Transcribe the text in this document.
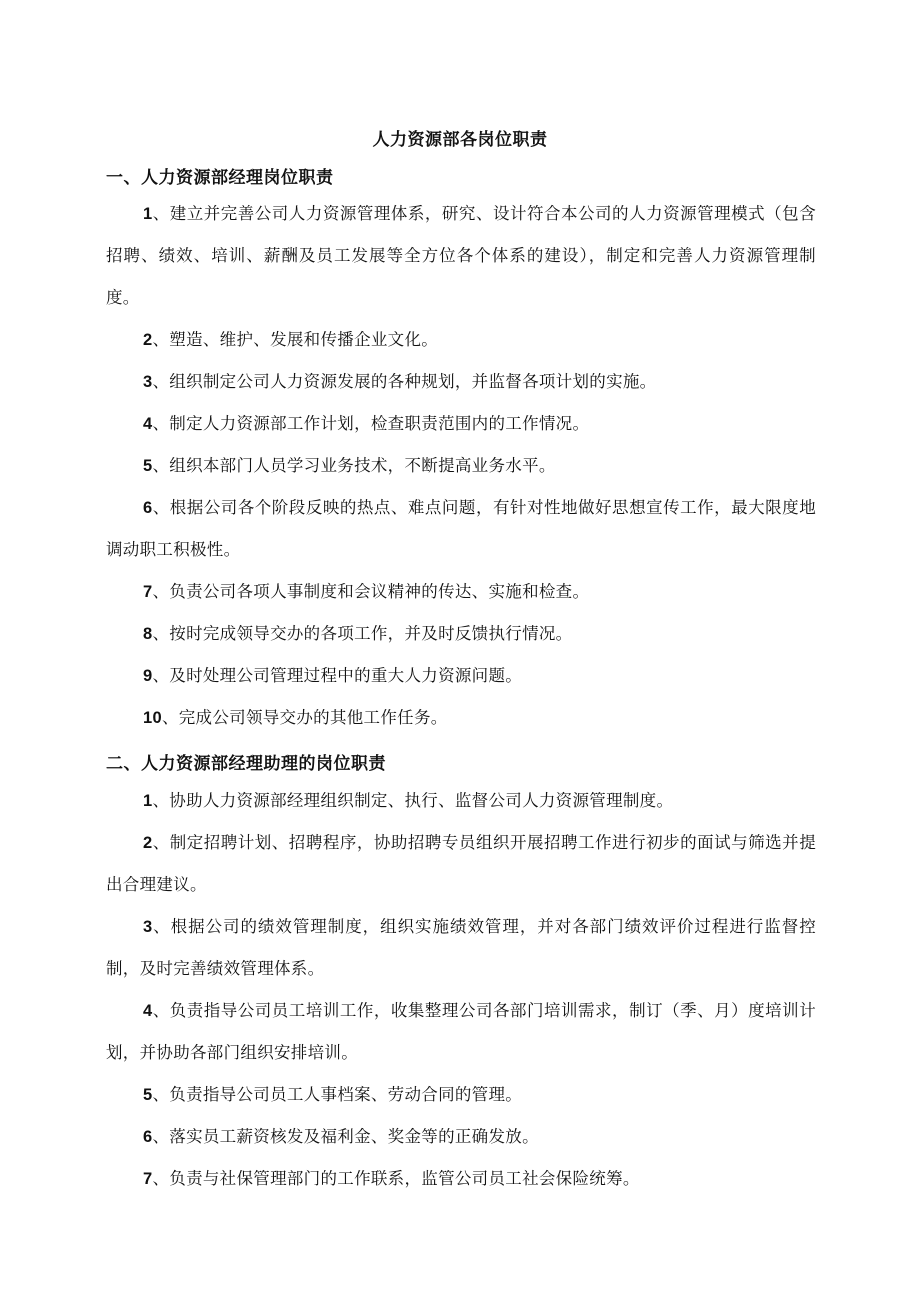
人力资源部各岗位职责
一、人力资源部经理岗位职责

1、建立并完善公司人力资源管理体系，研究、设计符合本公司的人力资源管理模式（包含招聘、绩效、培训、薪酬及员工发展等全方位各个体系的建设），制定和完善人力资源管理制度。

2、塑造、维护、发展和传播企业文化。

3、组织制定公司人力资源发展的各种规划，并监督各项计划的实施。

4、制定人力资源部工作计划，检查职责范围内的工作情况。

5、组织本部门人员学习业务技术，不断提高业务水平。

6、根据公司各个阶段反映的热点、难点问题，有针对性地做好思想宣传工作，最大限度地调动职工积极性。

7、负责公司各项人事制度和会议精神的传达、实施和检查。

8、按时完成领导交办的各项工作，并及时反馈执行情况。

9、及时处理公司管理过程中的重大人力资源问题。

10、完成公司领导交办的其他工作任务。

二、人力资源部经理助理的岗位职责

1、协助人力资源部经理组织制定、执行、监督公司人力资源管理制度。

2、制定招聘计划、招聘程序，协助招聘专员组织开展招聘工作进行初步的面试与筛选并提出合理建议。

3、根据公司的绩效管理制度，组织实施绩效管理，并对各部门绩效评价过程进行监督控制，及时完善绩效管理体系。

4、负责指导公司员工培训工作，收集整理公司各部门培训需求，制订（季、月）度培训计划，并协助各部门组织安排培训。

5、负责指导公司员工人事档案、劳动合同的管理。

6、落实员工薪资核发及福利金、奖金等的正确发放。

7、负责与社保管理部门的工作联系，监管公司员工社会保险统筹。
